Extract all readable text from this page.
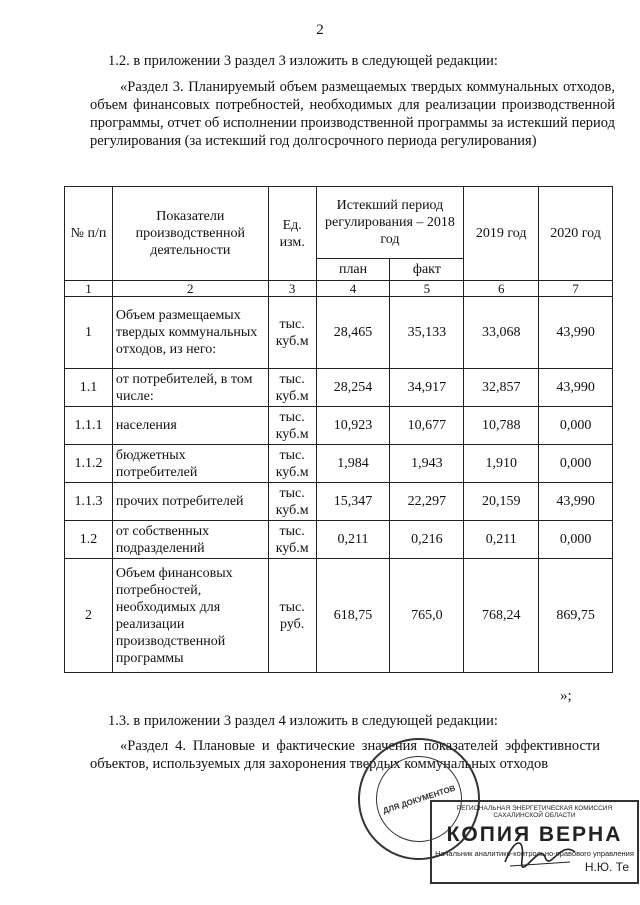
2
1.2. в приложении 3 раздел 3 изложить в следующей редакции:
«Раздел 3. Планируемый объем размещаемых твердых коммунальных отходов, объем финансовых потребностей, необходимых для реализации производственной программы, отчет об исполнении производственной программы за истекший период регулирования (за истекший год долгосрочного периода регулирования)
№ п/п	Показатели производственной деятельности	Ед. изм.	Истекший период регулирования – 2018 год		2019 год	2020 год
			план	факт		
1	2	3	4	5	6	7
1	Объем размещаемых твердых коммунальных отходов, из него:	тыс. куб.м	28,465	35,133	33,068	43,990
1.1	от потребителей, в том числе:	тыс. куб.м	28,254	34,917	32,857	43,990
1.1.1	населения	тыс. куб.м	10,923	10,677	10,788	0,000
1.1.2	бюджетных потребителей	тыс. куб.м	1,984	1,943	1,910	0,000
1.1.3	прочих потребителей	тыс. куб.м	15,347	22,297	20,159	43,990
1.2	от собственных подразделений	тыс. куб.м	0,211	0,216	0,211	0,000
2	Объем финансовых потребностей, необходимых для реализации производственной программы	тыс. руб.	618,75	765,0	768,24	869,75
»;
1.3. в приложении 3 раздел 4 изложить в следующей редакции:
«Раздел 4. Плановые и фактические значения показателей эффективности объектов, используемых для захоронения твердых коммунальных отходов
ДЛЯ ДОКУМЕНТОВ РЕГИОНАЛЬНАЯ ЭНЕРГЕТИЧЕСКАЯ КОМИССИЯ САХАЛИНСКОЙ ОБЛАСТИ
КОПИЯ ВЕРНА
Начальник аналитико-контрольно-правового управления
Н.Ю. Те
